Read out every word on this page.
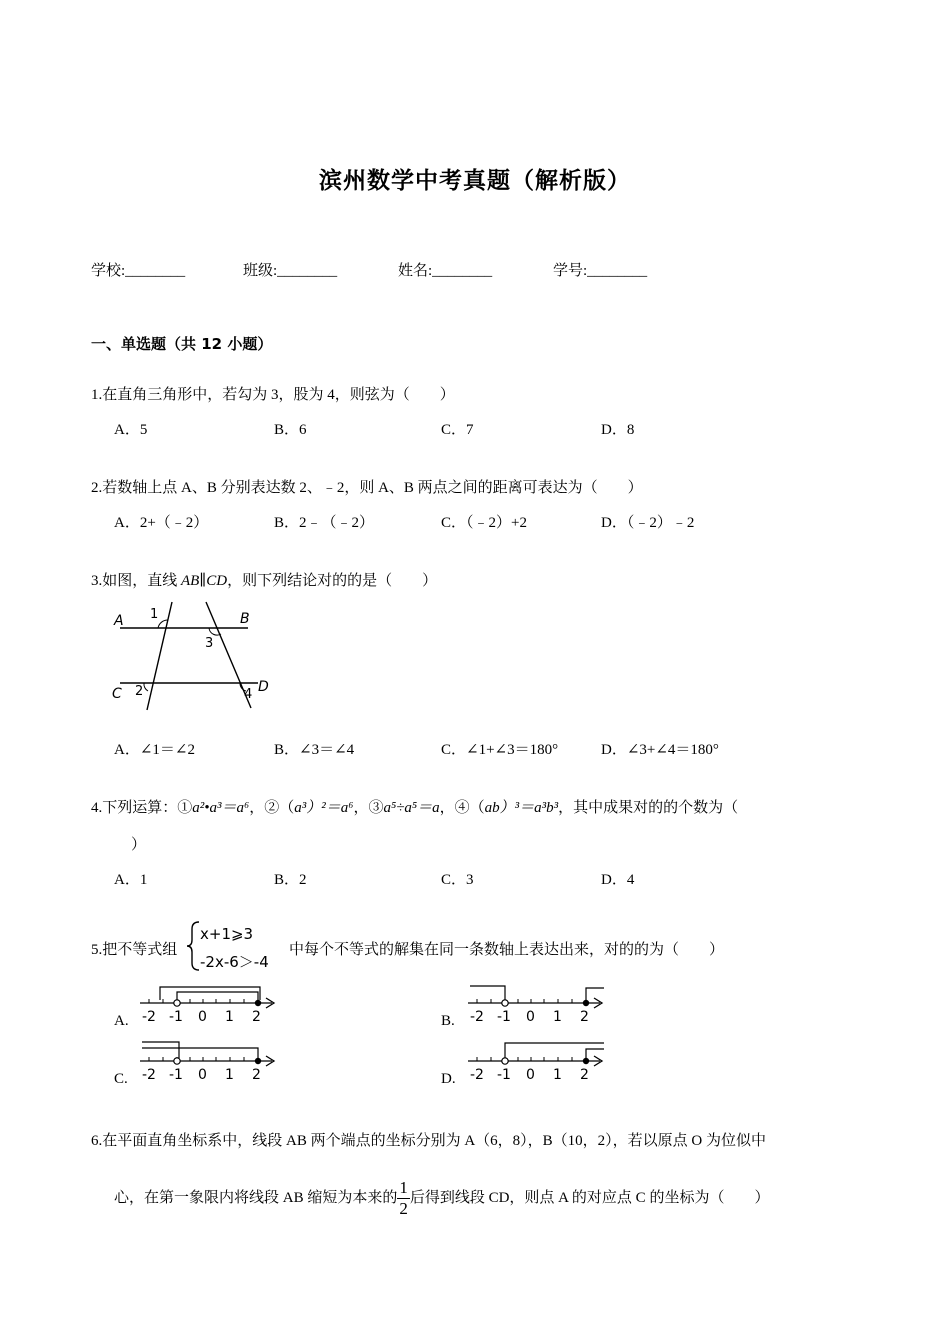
滨州数学中考真题（解析版）
学校:________	班级:________	姓名:________	学号:________
一、单选题（共 12 小题）
1.在直角三角形中，若勾为 3，股为 4，则弦为（　　）
A．5	B．6	C．7	D．8
2.若数轴上点 A、B 分别表达数 2、﹣2，则 A、B 两点之间的距离可表达为（　　）
A．2+（﹣2）	B．2﹣（﹣2）	C．（﹣2）+2	D．（﹣2）﹣2
3.如图，直线 AB∥CD，则下列结论对的的是（　　）
A	B
C	D
1
2
3
4
A．∠1＝∠2	B．∠3＝∠4	C．∠1+∠3＝180°	D．∠3+∠4＝180°
4.下列运算：①a²•a³＝a⁶，②（a³）²＝a⁶，③a⁵÷a⁵＝a，④（ab）³＝a³b³，其中成果对的的个数为（
）
A．1	B．2	C．3	D．4
5.把不等式组
x+1⩾3
-2x-6＞-4
中每个不等式的解集在同一条数轴上表达出来，对的的为（　　）
A.	B.
C.	D.
-2 -1 0 1 2	-2 -1 0 1 2
-2 -1 0 1 2	-2 -1 0 1 2
6.在平面直角坐标系中，线段 AB 两个端点的坐标分别为 A（6，8），B（10，2），若以原点 O 为位似中
心，在第一象限内将线段 AB 缩短为本来的 $\frac{1}{2}$ 后得到线段 CD，则点 A 的对应点 C 的坐标为（　　）
